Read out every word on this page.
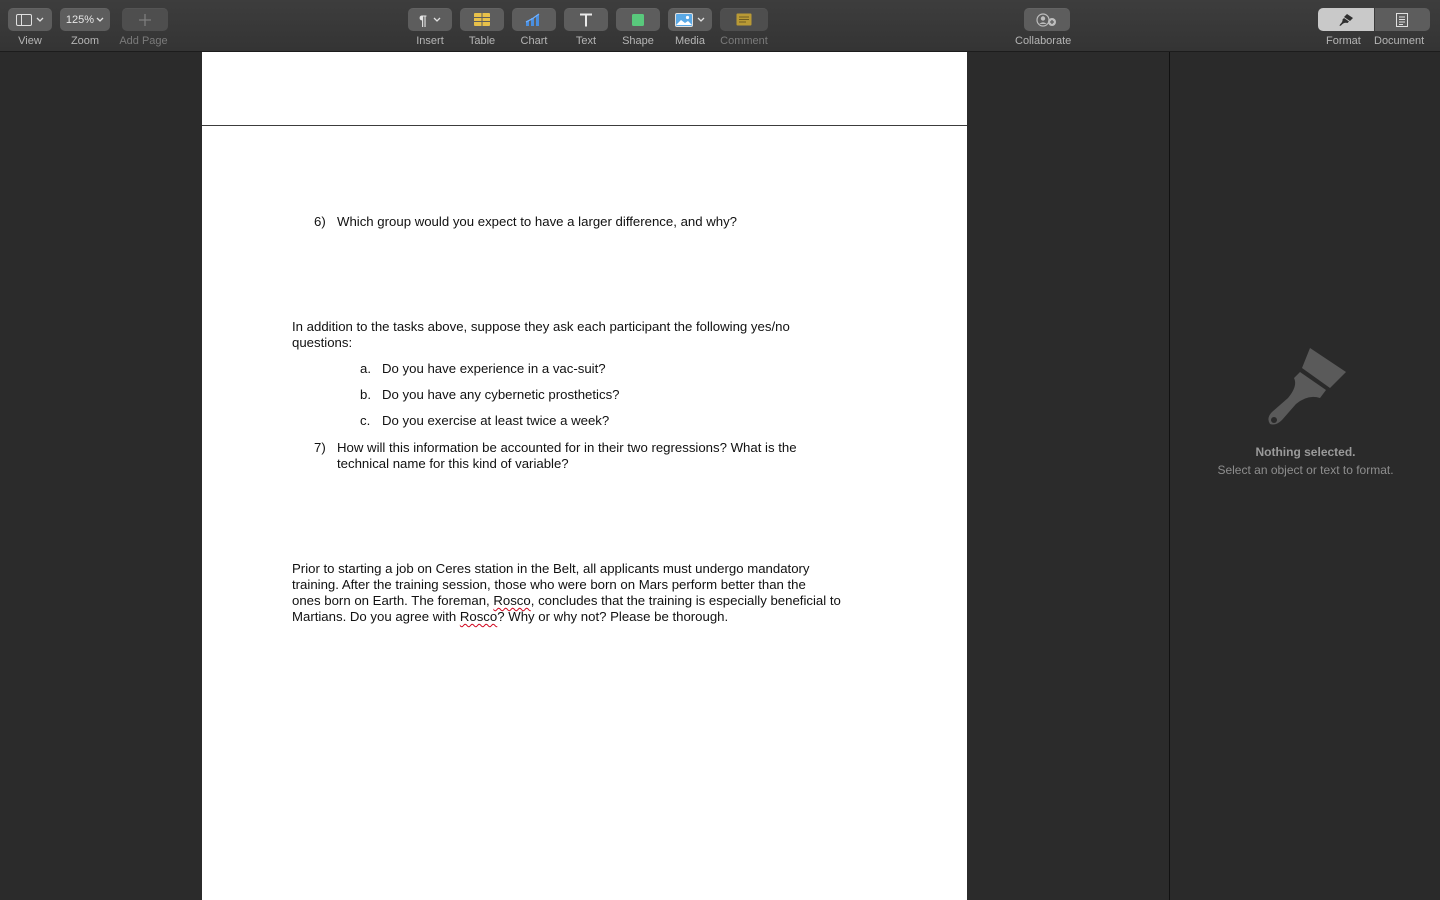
View
125%
Zoom Add Page
¶
Insert Table Chart	Text Shape Media Comment	Collaborate	Format Document
6) Which group would you expect to have a larger difference, and why?
In addition to the tasks above, suppose they ask each participant the following yes/no
questions:
a. Do you have experience in a vac-suit?
b. Do you have any cybernetic prosthetics?
c. Do you exercise at least twice a week?
7) How will this information be accounted for in their two regressions? What is the
technical name for this kind of variable?
Prior to starting a job on Ceres station in the Belt, all applicants must undergo mandatory
training. After the training session, those who were born on Mars perform better than the
ones born on Earth. The foreman, Rosco, concludes that the training is especially beneficial to
Martians. Do you agree with Rosco? Why or why not? Please be thorough.
Nothing selected.
Select an object or text to format.
